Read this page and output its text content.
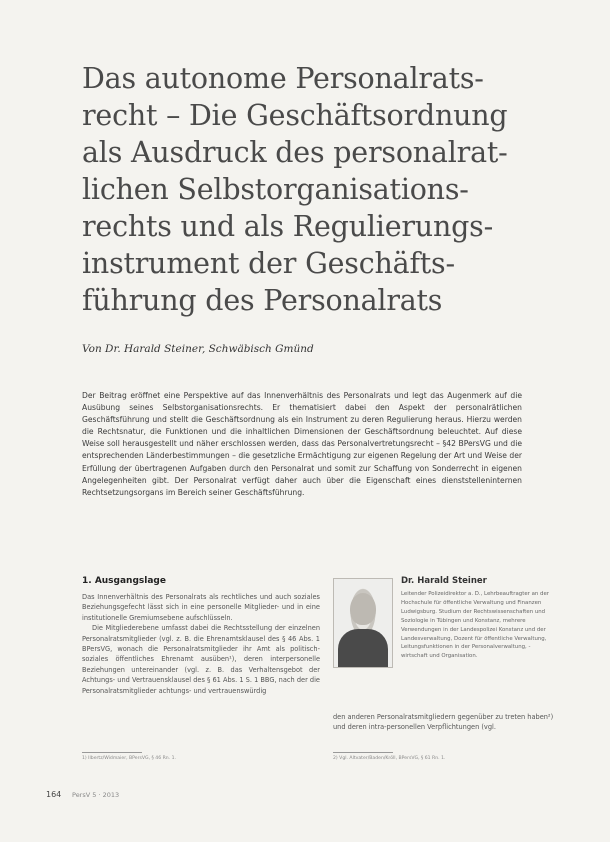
Das autonome Personalrats-
recht – Die Geschäftsordnung
als Ausdruck des personalrat-
lichen Selbstorganisations-
rechts und als Regulierungs-
instrument der Geschäfts-
führung des Personalrats
Von Dr. Harald Steiner, Schwäbisch Gmünd

Der Beitrag eröffnet eine Perspektive auf das Innenverhältnis des Personalrats und legt das Augenmerk auf die Ausübung seines Selbstorganisationsrechts. Er thematisiert dabei den Aspekt der personalrätlichen Geschäftsführung und stellt die Geschäftsordnung als ein Instrument zu deren Regulierung heraus. Hierzu werden die Rechtsnatur, die Funktionen und die inhaltlichen Dimensionen der Geschäftsordnung beleuchtet. Auf diese Weise soll herausgestellt und näher erschlossen werden, dass das Personalvertretungsrecht – §42 BPersVG und die entsprechenden Länderbestimmungen – die gesetzliche Ermächtigung zur eigenen Regelung der Art und Weise der Erfüllung der übertragenen Aufgaben durch den Personalrat und somit zur Schaffung von Sonderrecht in eigenen Angelegenheiten gibt. Der Personalrat verfügt daher auch über die Eigenschaft eines dienststelleninternen Rechtsetzungsorgans im Bereich seiner Geschäftsführung.

1. Ausgangslage

Das Innenverhältnis des Personalrats als rechtliches und auch soziales Beziehungsgefecht lässt sich in eine personelle Mitglieder- und in eine institutionelle Gremiumsebene aufschlüsseln.

Die Mitgliederebene umfasst dabei die Rechtsstellung der einzelnen Personalratsmitglieder (vgl. z. B. die Ehrenamtsklausel des § 46 Abs. 1 BPersVG, wonach die Personalratsmitglieder ihr Amt als politisch-soziales öffentliches Ehrenamt ausüben¹), deren interpersonelle Beziehungen untereinander (vgl. z. B. das Verhaltensgebot der Achtungs- und Vertrauensklausel des § 61 Abs. 1 S. 1 BBG, nach der die Personalratsmitglieder achtungs- und vertrauenswürdig

Dr. Harald Steiner
Leitender Polizeidirektor a. D., Lehrbeauftragter an der Hochschule für öffentliche Verwaltung und Finanzen Ludwigsburg. Studium der Rechtswissenschaften und Soziologie in Tübingen und Konstanz, mehrere Verwendungen in der Landespolizei Konstanz und der Landesverwaltung, Dozent für öffentliche Verwaltung, Leitungsfunktionen in der Personalverwaltung, -wirtschaft und Organisation.
den anderen Personalratsmitgliedern gegenüber zu treten haben²) und deren intra-personellen Verpflichtungen (vgl.
1) Ilbertz/Widmaier, BPersVG, § 46 Rn. 1.	2) Vgl. Altvater/Baden/Kröll, BPersVG, § 61 Rn. 1.
164 PersV 5 · 2013
